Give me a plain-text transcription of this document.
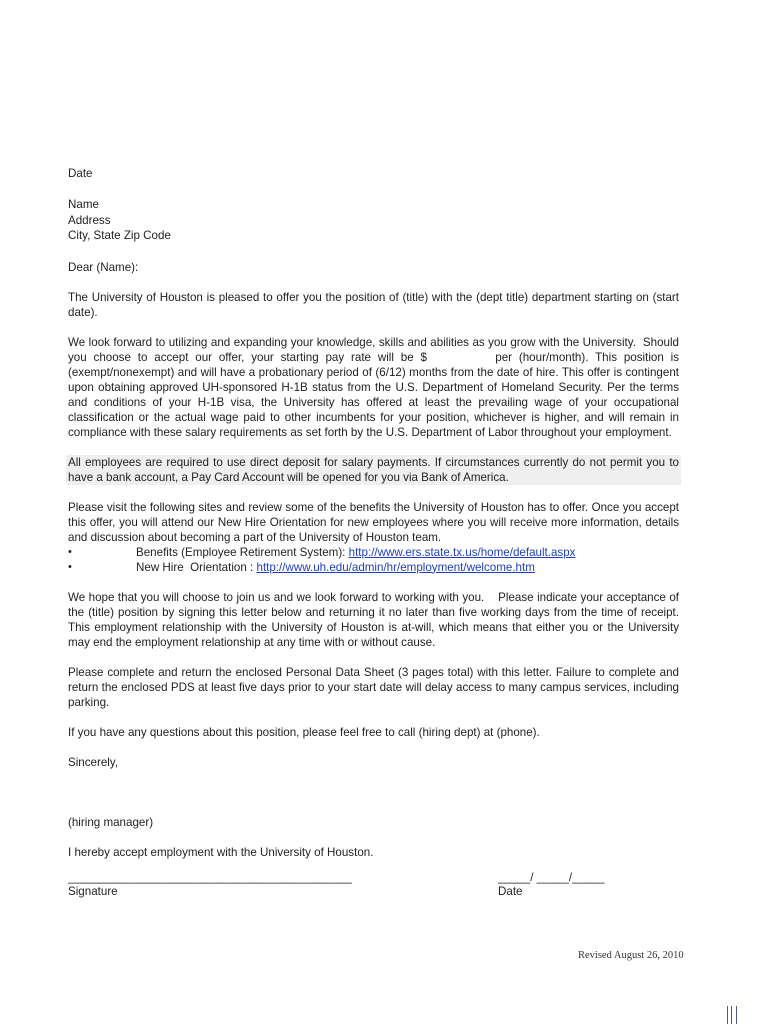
Date

Name
Address
City, State Zip Code

Dear (Name):

The University of Houston is pleased to offer you the position of (title) with the (dept title) department starting on (start date).

We look forward to utilizing and expanding your knowledge, skills and abilities as you grow with the University.  Should you choose to accept our offer, your starting pay rate will be $          per (hour/month). This position is (exempt/nonexempt) and will have a probationary period of (6/12) months from the date of hire. This offer is contingent upon obtaining approved UH-sponsored H-1B status from the U.S. Department of Homeland Security. Per the terms and conditions of your H-1B visa, the University has offered at least the prevailing wage of your occupational classification or the actual wage paid to other incumbents for your position, whichever is higher, and will remain in compliance with these salary requirements as set forth by the U.S. Department of Labor throughout your employment.

All employees are required to use direct deposit for salary payments. If circumstances currently do not permit you to have a bank account, a Pay Card Account will be opened for you via Bank of America.

Please visit the following sites and review some of the benefits the University of Houston has to offer. Once you accept this offer, you will attend our New Hire Orientation for new employees where you will receive more information, details and discussion about becoming a part of the University of Houston team.

•	Benefits (Employee Retirement System): http://www.ers.state.tx.us/home/default.aspx
•	New Hire  Orientation : http://www.uh.edu/admin/hr/employment/welcome.htm

We hope that you will choose to join us and we look forward to working with you.    Please indicate your acceptance of the (title) position by signing this letter below and returning it no later than five working days from the time of receipt. This employment relationship with the University of Houston is at-will, which means that either you or the University may end the employment relationship at any time with or without cause.

Please complete and return the enclosed Personal Data Sheet (3 pages total) with this letter. Failure to complete and return the enclosed PDS at least five days prior to your start date will delay access to many campus services, including parking.

If you have any questions about this position, please feel free to call (hiring dept) at (phone).

Sincerely,

(hiring manager)

I hereby accept employment with the University of Houston.

____________________________________________
Signature
_____/ _____/_____
Date
Revised August 26, 2010
